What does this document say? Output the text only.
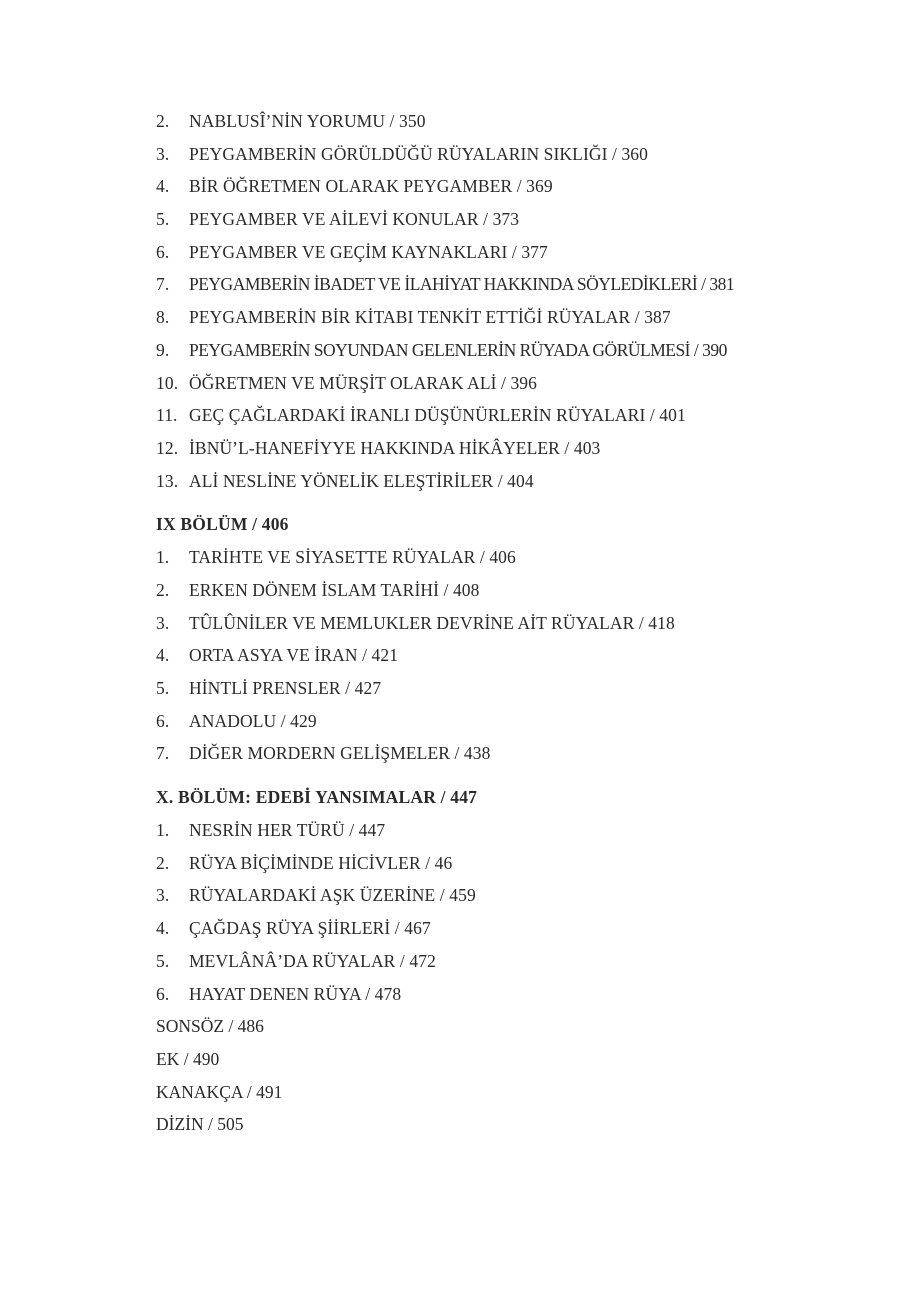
2.	NABLUSÎ’NİN YORUMU / 350
3.	PEYGAMBERİN GÖRÜLDÜĞÜ RÜYALARIN SIKLIĞI / 360
4.	BİR ÖĞRETMEN OLARAK PEYGAMBER / 369
5.	PEYGAMBER VE AİLEVİ KONULAR / 373
6.	PEYGAMBER VE GEÇİM KAYNAKLARI / 377
7.	PEYGAMBERİN İBADET VE İLAHİYAT HAKKINDA SÖYLEDİKLERİ / 381
8.	PEYGAMBERİN BİR KİTABI TENKİT ETTİĞİ RÜYALAR / 387
9.	PEYGAMBERİN SOYUNDAN GELENLERİN RÜYADA GÖRÜLMESİ / 390
10. ÖĞRETMEN VE MÜRŞİT OLARAK ALİ / 396
11. GEÇ ÇAĞLARDAKİ İRANLI DÜŞÜNÜRLERİN RÜYALARI / 401
12. İBNÜ’L-HANEFİYYE HAKKINDA HİKÂYELER / 403
13. ALİ NESLİNE YÖNELİK ELEŞTİRİLER / 404
IX BÖLÜM / 406
1.	TARİHTE VE SİYASETTE RÜYALAR / 406
2.	ERKEN DÖNEM İSLAM TARİHİ / 408
3.	TÛLÛNİLER VE MEMLUKLER DEVRİNE AİT RÜYALAR / 418
4.	ORTA ASYA VE İRAN / 421
5.	HİNTLİ PRENSLER / 427
6.	ANADOLU / 429
7.	DİĞER MORDERN GELİŞMELER / 438
X. BÖLÜM: EDEBİ YANSIMALAR / 447
1.	NESRİN HER TÜRÜ / 447
2.	RÜYA BİÇİMİNDE HİCİVLER / 46
3.	RÜYALARDAKİ AŞK ÜZERİNE / 459
4.	ÇAĞDAŞ RÜYA ŞİİRLERİ / 467
5.	MEVLÂNÂ’DA RÜYALAR / 472
6.	HAYAT DENEN RÜYA / 478
SONSÖZ / 486
EK / 490
KANAKÇA / 491
DİZİN / 505
